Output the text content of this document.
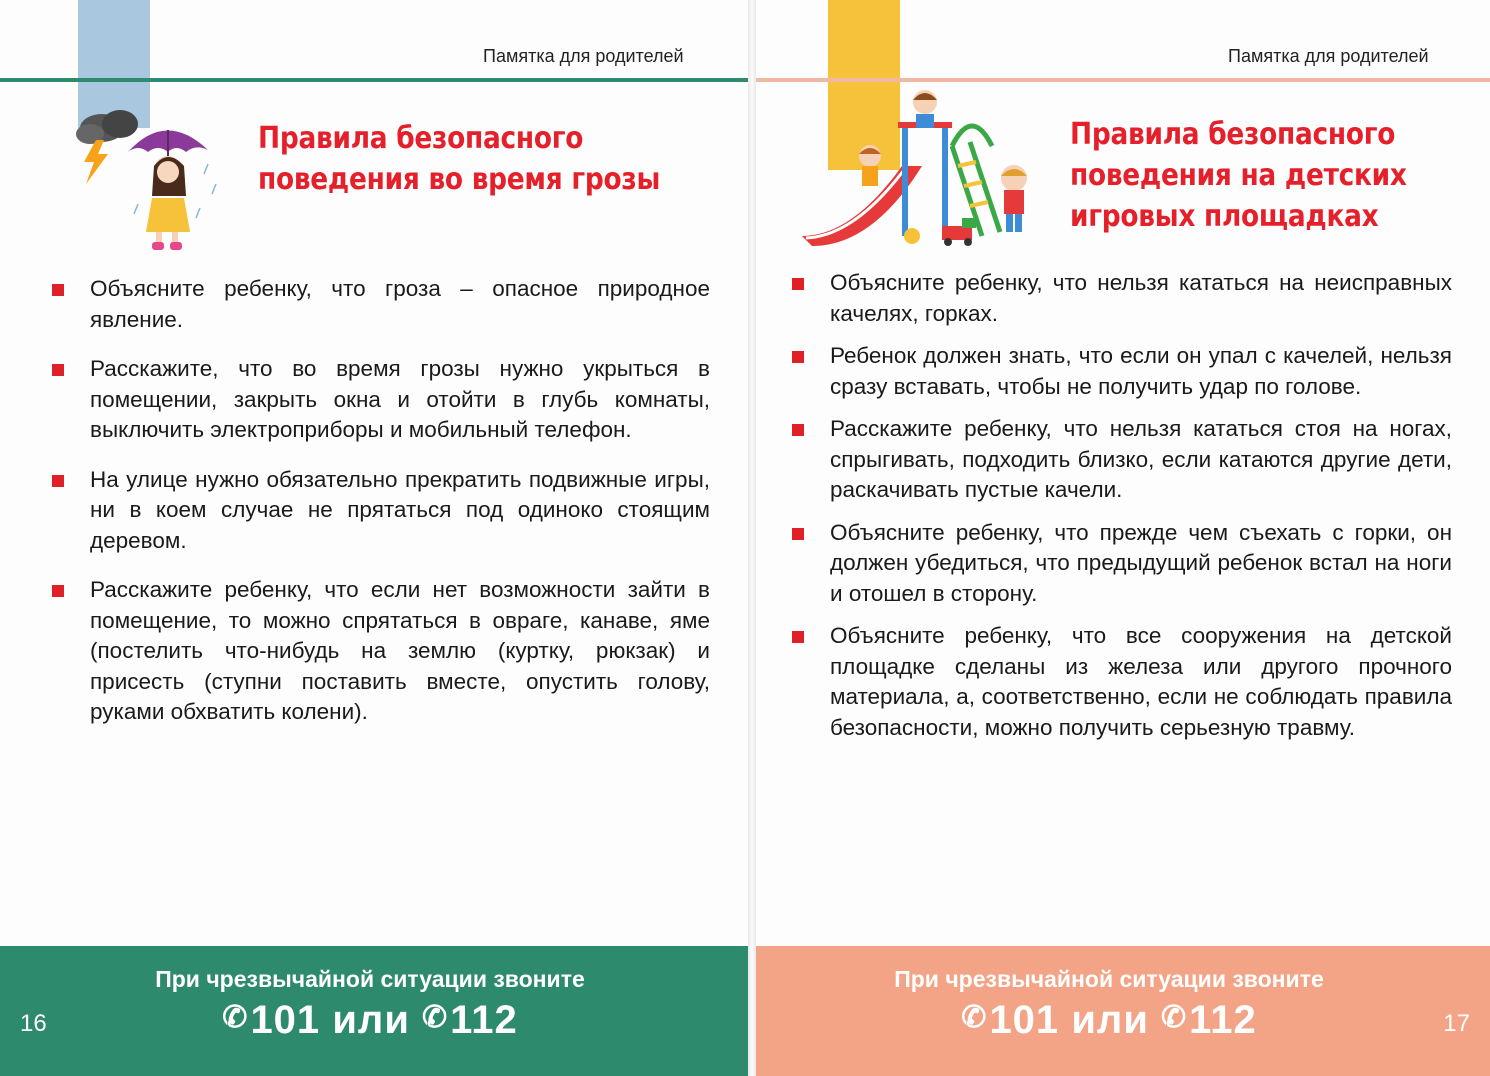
Памятка для родителей
Правила безопасного
поведения во время грозы
Объясните ребенку, что гроза – опасное природное явление.
Расскажите, что во время грозы нужно укрыться в помещении, закрыть окна и отойти в глубь комнаты, выключить электроприборы и мобильный телефон.
На улице нужно обязательно прекратить подвижные игры, ни в коем случае не прятаться под одиноко стоящим деревом.
Расскажите ребенку, что если нет возможности зайти в помещение, то можно спрятаться в овраге, канаве, яме (постелить что-нибудь на землю (куртку, рюкзак) и присесть (ступни поставить вместе, опустить голову, руками обхватить колени).
При чрезвычайной ситуации звоните
✆101 или ✆112
16
Памятка для родителей
Правила безопасного
поведения на детских
игровых площадках
Объясните ребенку, что нельзя кататься на неисправных качелях, горках.
Ребенок должен знать, что если он упал с качелей, нельзя сразу вставать, чтобы не получить удар по голове.
Расскажите ребенку, что нельзя кататься стоя на ногах, спрыгивать, подходить близко, если катаются другие дети, раскачивать пустые качели.
Объясните ребенку, что прежде чем съехать с горки, он должен убедиться, что предыдущий ребенок встал на ноги и отошел в сторону.
Объясните ребенку, что все сооружения на детской площадке сделаны из железа или другого прочного материала, а, соответственно, если не соблюдать правила безопасности, можно получить серьезную травму.
При чрезвычайной ситуации звоните
✆101 или ✆112	17
